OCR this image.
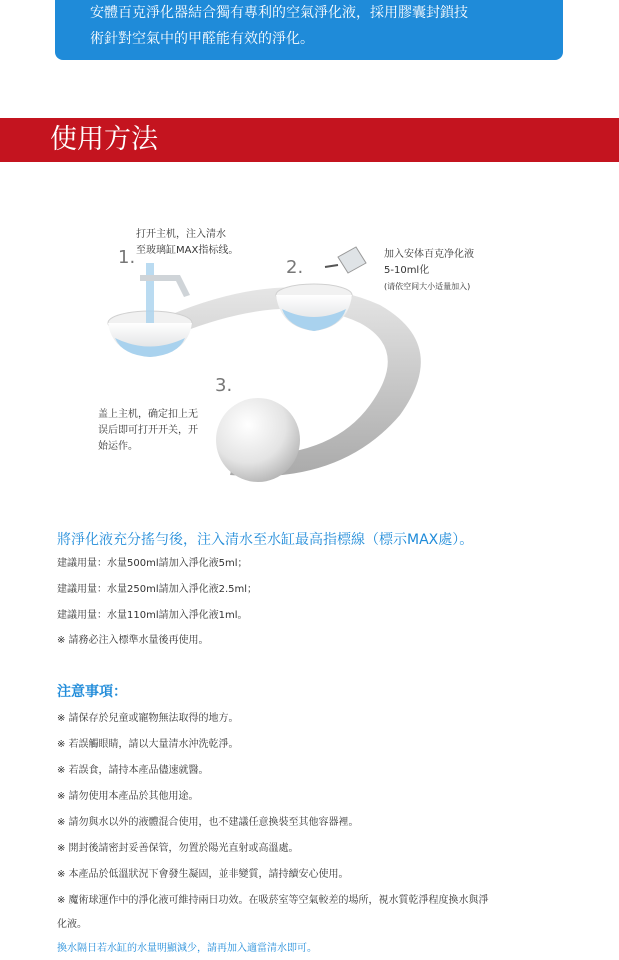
安體百克淨化器結合獨有專利的空氣淨化液，採用膠囊封鎖技
術針對空氣中的甲醛能有效的淨化。
使用方法
1.
打开主机，注入清水
至玻璃缸MAX指标线。
2.
加入安体百克净化液
5-10ml化
(请依空间大小适量加入)
3.
盖上主机，确定扣上无
误后即可打开开关，开
始运作。
將淨化液充分搖勻後，注入清水至水缸最高指標線（標示MAX處）。
建議用量：水量500ml請加入淨化液5ml；
建議用量：水量250ml請加入淨化液2.5ml；
建議用量：水量110ml請加入淨化液1ml。
※ 請務必注入標準水量後再使用。
注意事項：
※ 請保存於兒童或寵物無法取得的地方。
※ 若誤觸眼睛，請以大量清水沖洗乾淨。
※ 若誤食，請持本產品儘速就醫。
※ 請勿使用本產品於其他用途。
※ 請勿與水以外的液體混合使用，也不建議任意換裝至其他容器裡。
※ 開封後請密封妥善保管，勿置於陽光直射或高溫處。
※ 本產品於低溫狀況下會發生凝固，並非變質，請持續安心使用。
※ 魔術球運作中的淨化液可維持兩日功效。在吸菸室等空氣較差的場所，視水質乾淨程度換水與淨
化液。
換水隔日若水缸的水量明顯減少，請再加入適當清水即可。
